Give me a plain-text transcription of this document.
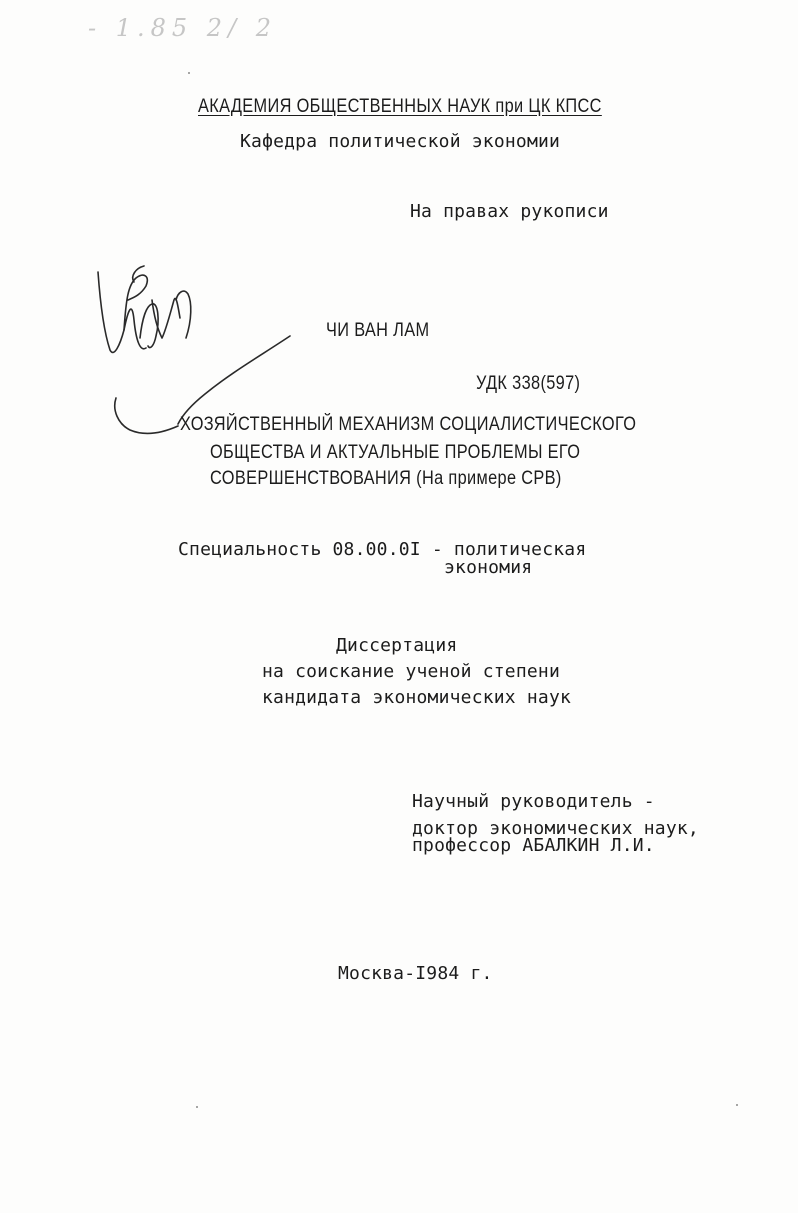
- 1.85 2/ 2
АКАДЕМИЯ ОБЩЕСТВЕННЫХ НАУК при ЦК КПСС
Кафедра политической экономии
На правах рукописи
ЧИ ВАН ЛАМ
УДК 338(597)
ХОЗЯЙСТВЕННЫЙ МЕХАНИЗМ СОЦИАЛИСТИЧЕСКОГО
ОБЩЕСТВА И АКТУАЛЬНЫЕ ПРОБЛЕМЫ ЕГО
СОВЕРШЕНСТВОВАНИЯ (На примере СРВ)
Специальность 08.00.0I - политическая
экономия
Диссертация
на соискание ученой степени
кандидата экономических наук
Научный руководитель -
доктор экономических наук,
профессор АБАЛКИН Л.И.
Москва-I984 г.
